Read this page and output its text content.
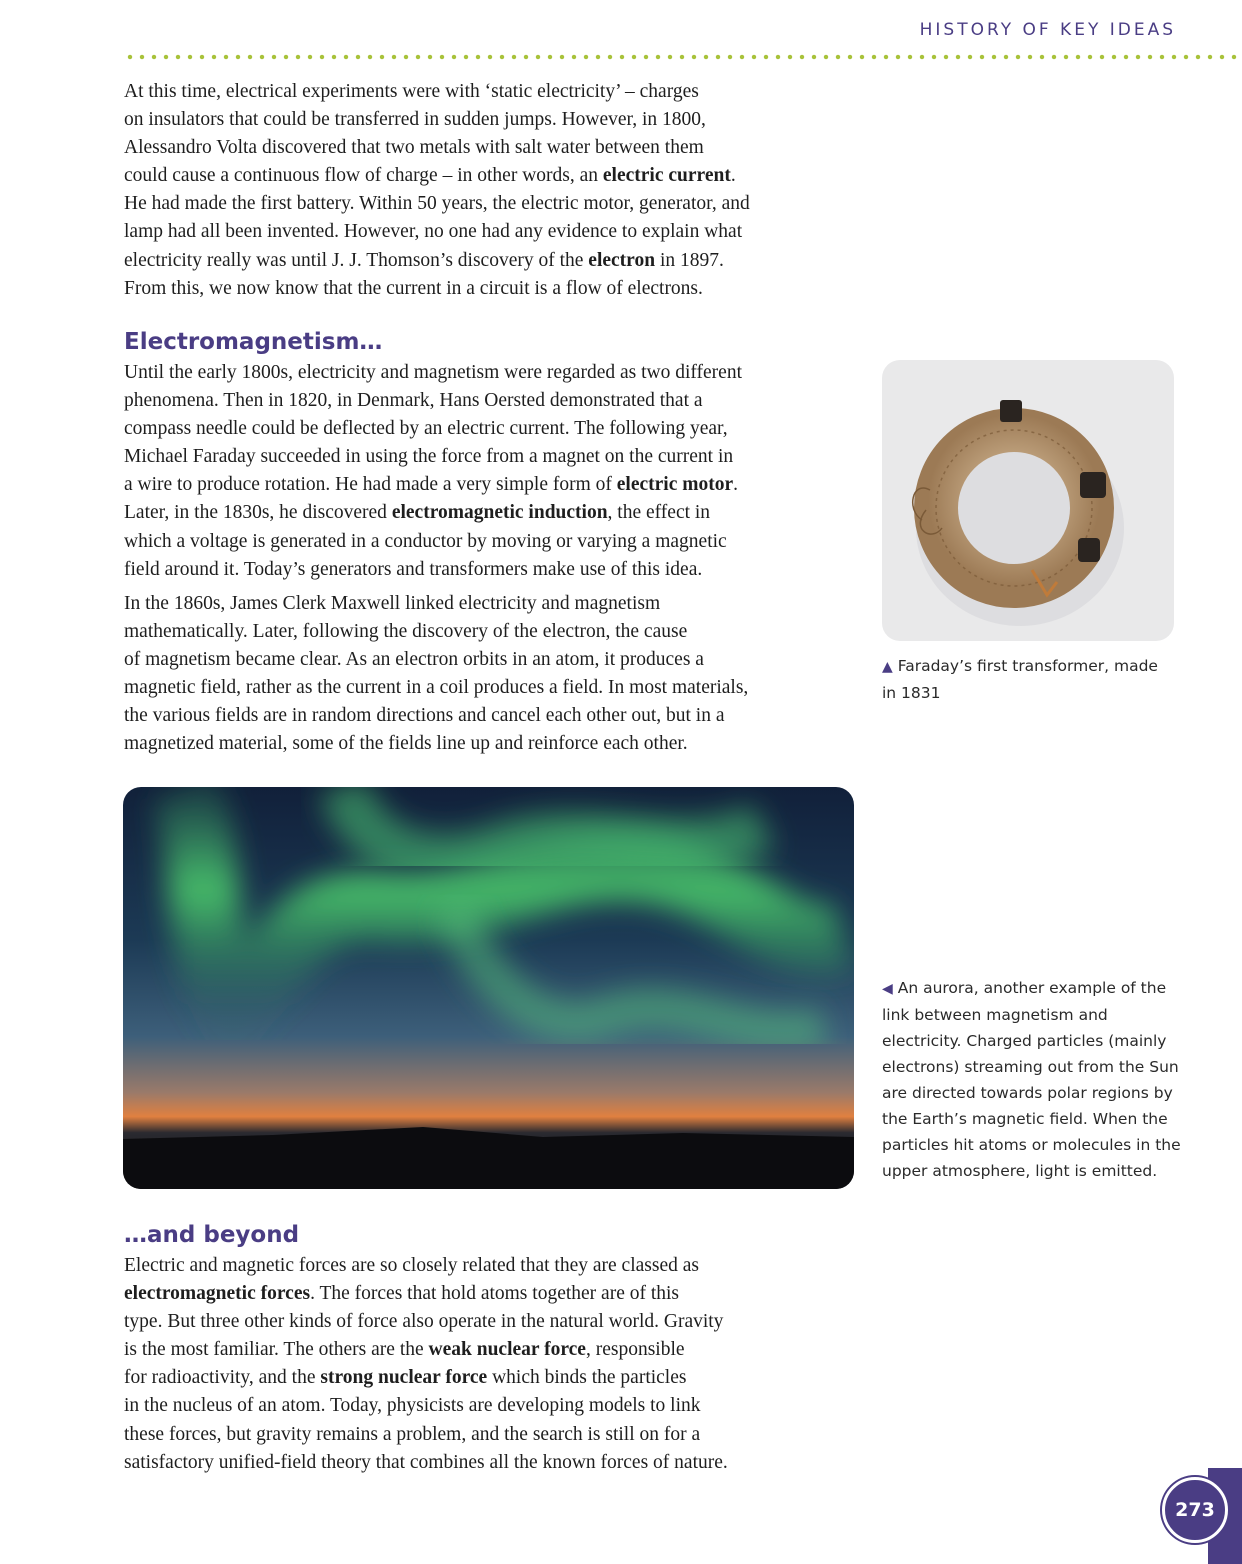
HISTORY OF KEY IDEAS

At this time, electrical experiments were with ‘static electricity’ – charges
on insulators that could be transferred in sudden jumps. However, in 1800,
Alessandro Volta discovered that two metals with salt water between them
could cause a continuous flow of charge – in other words, an electric current.
He had made the first battery. Within 50 years, the electric motor, generator, and
lamp had all been invented. However, no one had any evidence to explain what
electricity really was until J. J. Thomson’s discovery of the electron in 1897.
From this, we now know that the current in a circuit is a flow of electrons.

Electromagnetism…

Until the early 1800s, electricity and magnetism were regarded as two different
phenomena. Then in 1820, in Denmark, Hans Oersted demonstrated that a
compass needle could be deflected by an electric current. The following year,
Michael Faraday succeeded in using the force from a magnet on the current in
a wire to produce rotation. He had made a very simple form of electric motor.
Later, in the 1830s, he discovered electromagnetic induction, the effect in
which a voltage is generated in a conductor by moving or varying a magnetic
field around it. Today’s generators and transformers make use of this idea.

In the 1860s, James Clerk Maxwell linked electricity and magnetism
mathematically. Later, following the discovery of the electron, the cause
of magnetism became clear. As an electron orbits in an atom, it produces a
magnetic field, rather as the current in a coil produces a field. In most materials,
the various fields are in random directions and cancel each other out, but in a
magnetized material, some of the fields line up and reinforce each other.

▲ Faraday’s first transformer, made
in 1831
◀ An aurora, another example of the
link between magnetism and
electricity. Charged particles (mainly
electrons) streaming out from the Sun
are directed towards polar regions by
the Earth’s magnetic field. When the
particles hit atoms or molecules in the
upper atmosphere, light is emitted.
…and beyond

Electric and magnetic forces are so closely related that they are classed as
electromagnetic forces. The forces that hold atoms together are of this
type. But three other kinds of force also operate in the natural world. Gravity
is the most familiar. The others are the weak nuclear force, responsible
for radioactivity, and the strong nuclear force which binds the particles
in the nucleus of an atom. Today, physicists are developing models to link
these forces, but gravity remains a problem, and the search is still on for a
satisfactory unified-field theory that combines all the known forces of nature.

273
